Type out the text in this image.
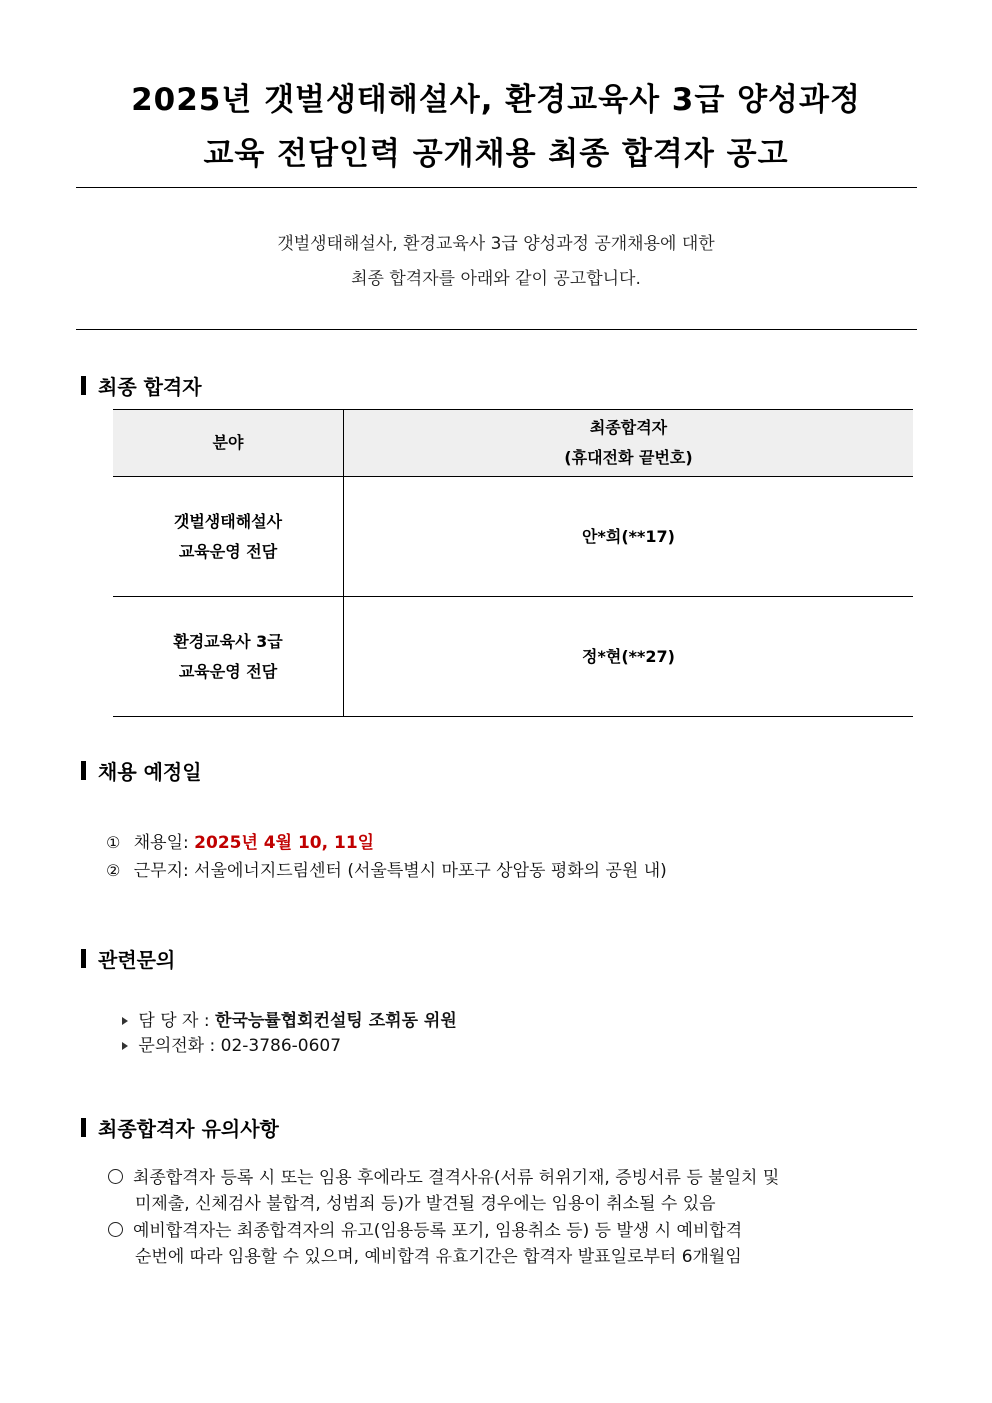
2025년 갯벌생태해설사, 환경교육사 3급 양성과정
교육 전담인력 공개채용 최종 합격자 공고
갯벌생태해설사, 환경교육사 3급 양성과정 공개채용에 대한
최종 합격자를 아래와 같이 공고합니다.
최종 합격자
분야	최종합격자
(휴대전화 끝번호)

갯벌생태해설사
교육운영 전담	안*희(**17)

환경교육사 3급
교육운영 전담	정*현(**27)
채용 예정일
① 채용일: 2025년 4월 10, 11일
② 근무지: 서울에너지드림센터 (서울특별시 마포구 상암동 평화의 공원 내)
관련문의
담 당 자 : 한국능률협회컨설팅 조휘동 위원
문의전화 : 02-3786-0607
최종합격자 유의사항
최종합격자 등록 시 또는 임용 후에라도 결격사유(서류 허위기재, 증빙서류 등 불일치 및
미제출, 신체검사 불합격, 성범죄 등)가 발견될 경우에는 임용이 취소될 수 있음
예비합격자는 최종합격자의 유고(임용등록 포기, 임용취소 등) 등 발생 시 예비합격
순번에 따라 임용할 수 있으며, 예비합격 유효기간은 합격자 발표일로부터 6개월임
